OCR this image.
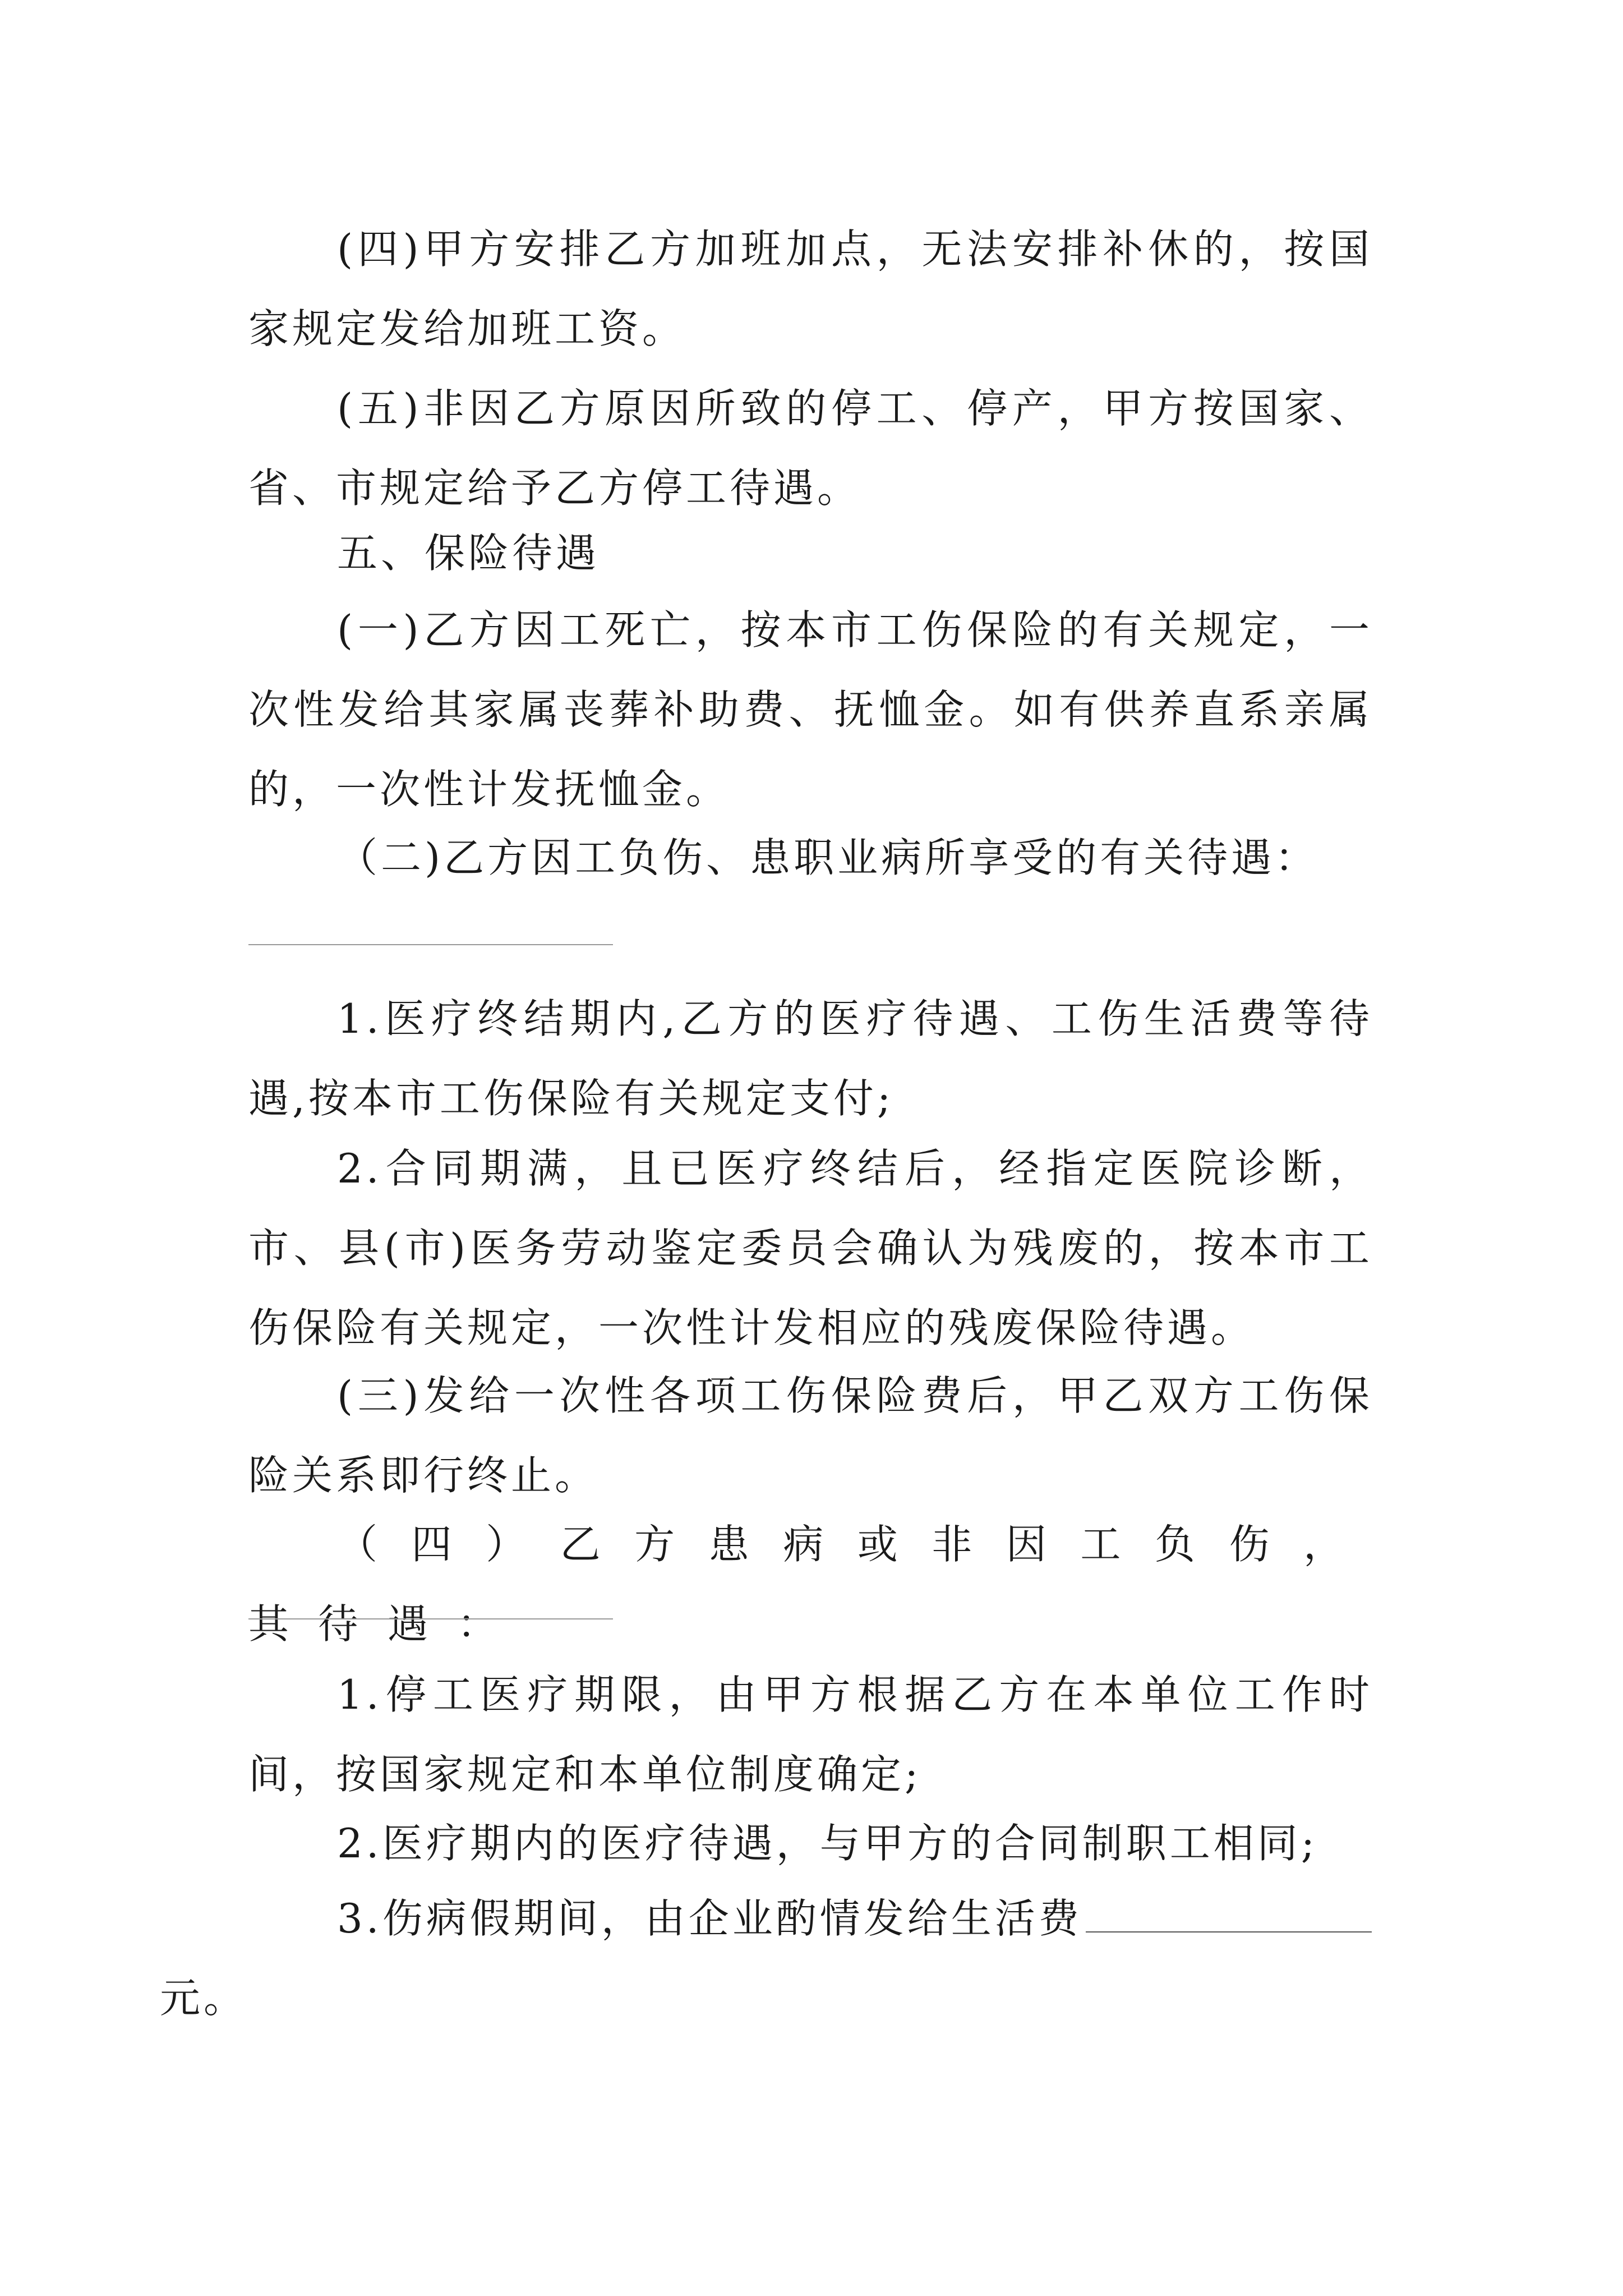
(四)甲方安排乙方加班加点，无法安排补休的，按国家规定发给加班工资。

(五)非因乙方原因所致的停工、停产，甲方按国家、省、市规定给予乙方停工待遇。

五、保险待遇

(一)乙方因工死亡，按本市工伤保险的有关规定，一次性发给其家属丧葬补助费、抚恤金。如有供养直系亲属的，一次性计发抚恤金。

（二)乙方因工负伤、患职业病所享受的有关待遇：

1.医疗终结期内,乙方的医疗待遇、工伤生活费等待遇,按本市工伤保险有关规定支付;

2.合同期满，且已医疗终结后，经指定医院诊断，市、县(市)医务劳动鉴定委员会确认为残废的，按本市工伤保险有关规定，一次性计发相应的残废保险待遇。

(三)发给一次性各项工伤保险费后，甲乙双方工伤保险关系即行终止。

（四）乙方患病或非因工负伤，其待遇：

1.停工医疗期限，由甲方根据乙方在本单位工作时间，按国家规定和本单位制度确定;

2.医疗期内的医疗待遇，与甲方的合同制职工相同;

3.伤病假期间，由企业酌情发给生活费
元。
